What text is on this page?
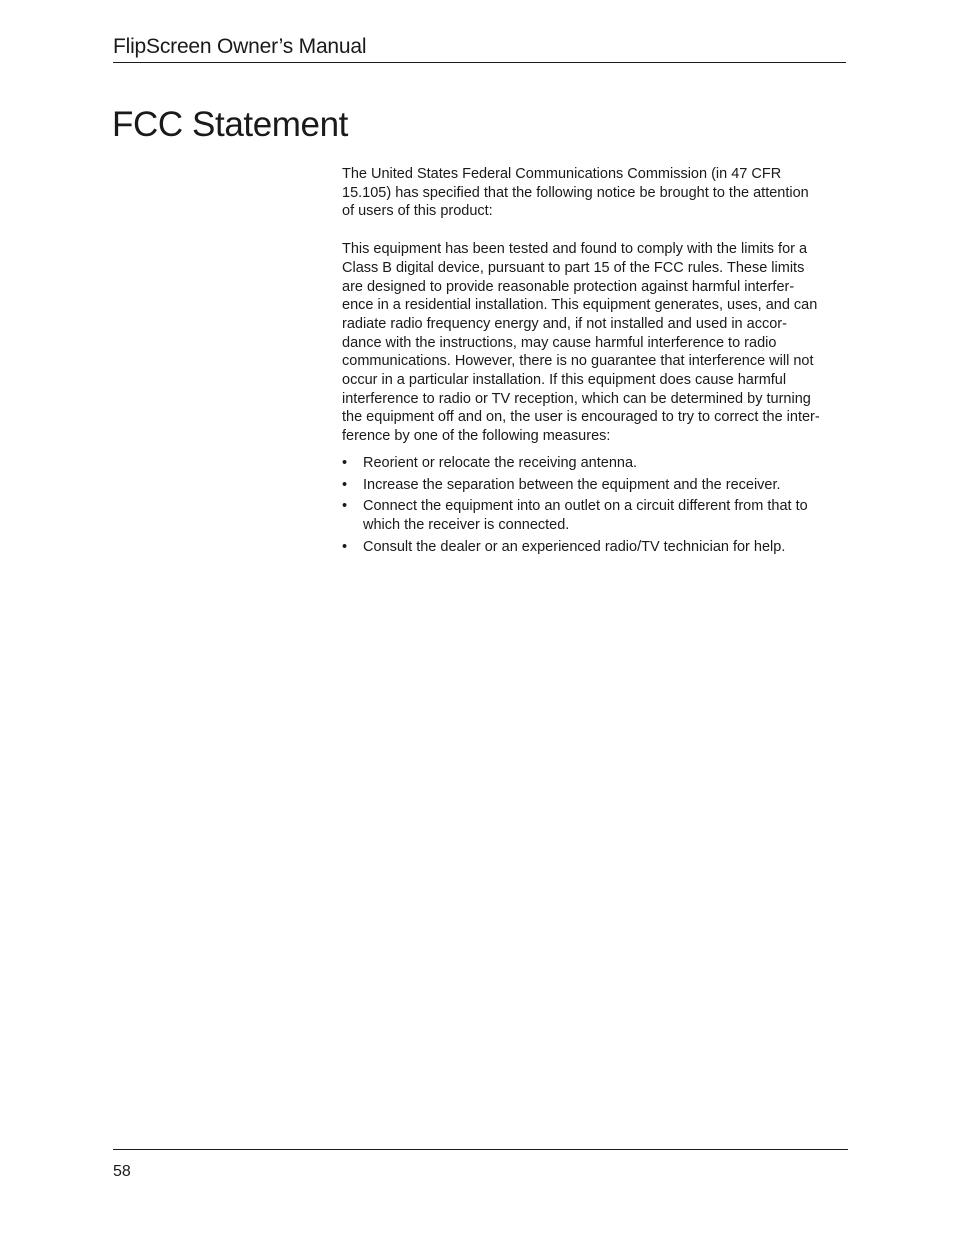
FlipScreen Owner’s Manual
FCC Statement

The United States Federal Communications Commission (in 47 CFR
15.105) has specified that the following notice be brought to the attention
of users of this product:

This equipment has been tested and found to comply with the limits for a
Class B digital device, pursuant to part 15 of the FCC rules. These limits
are designed to provide reasonable protection against harmful interfer-
ence in a residential installation. This equipment generates, uses, and can
radiate radio frequency energy and, if not installed and used in accor-
dance with the instructions, may cause harmful interference to radio
communications. However, there is no guarantee that interference will not
occur in a particular installation. If this equipment does cause harmful
interference to radio or TV reception, which can be determined by turning
the equipment off and on, the user is encouraged to try to correct the inter-
ference by one of the following measures:

• Reorient or relocate the receiving antenna.
• Increase the separation between the equipment and the receiver.
• Connect the equipment into an outlet on a circuit different from that to
which the receiver is connected.
• Consult the dealer or an experienced radio/TV technician for help.
58
